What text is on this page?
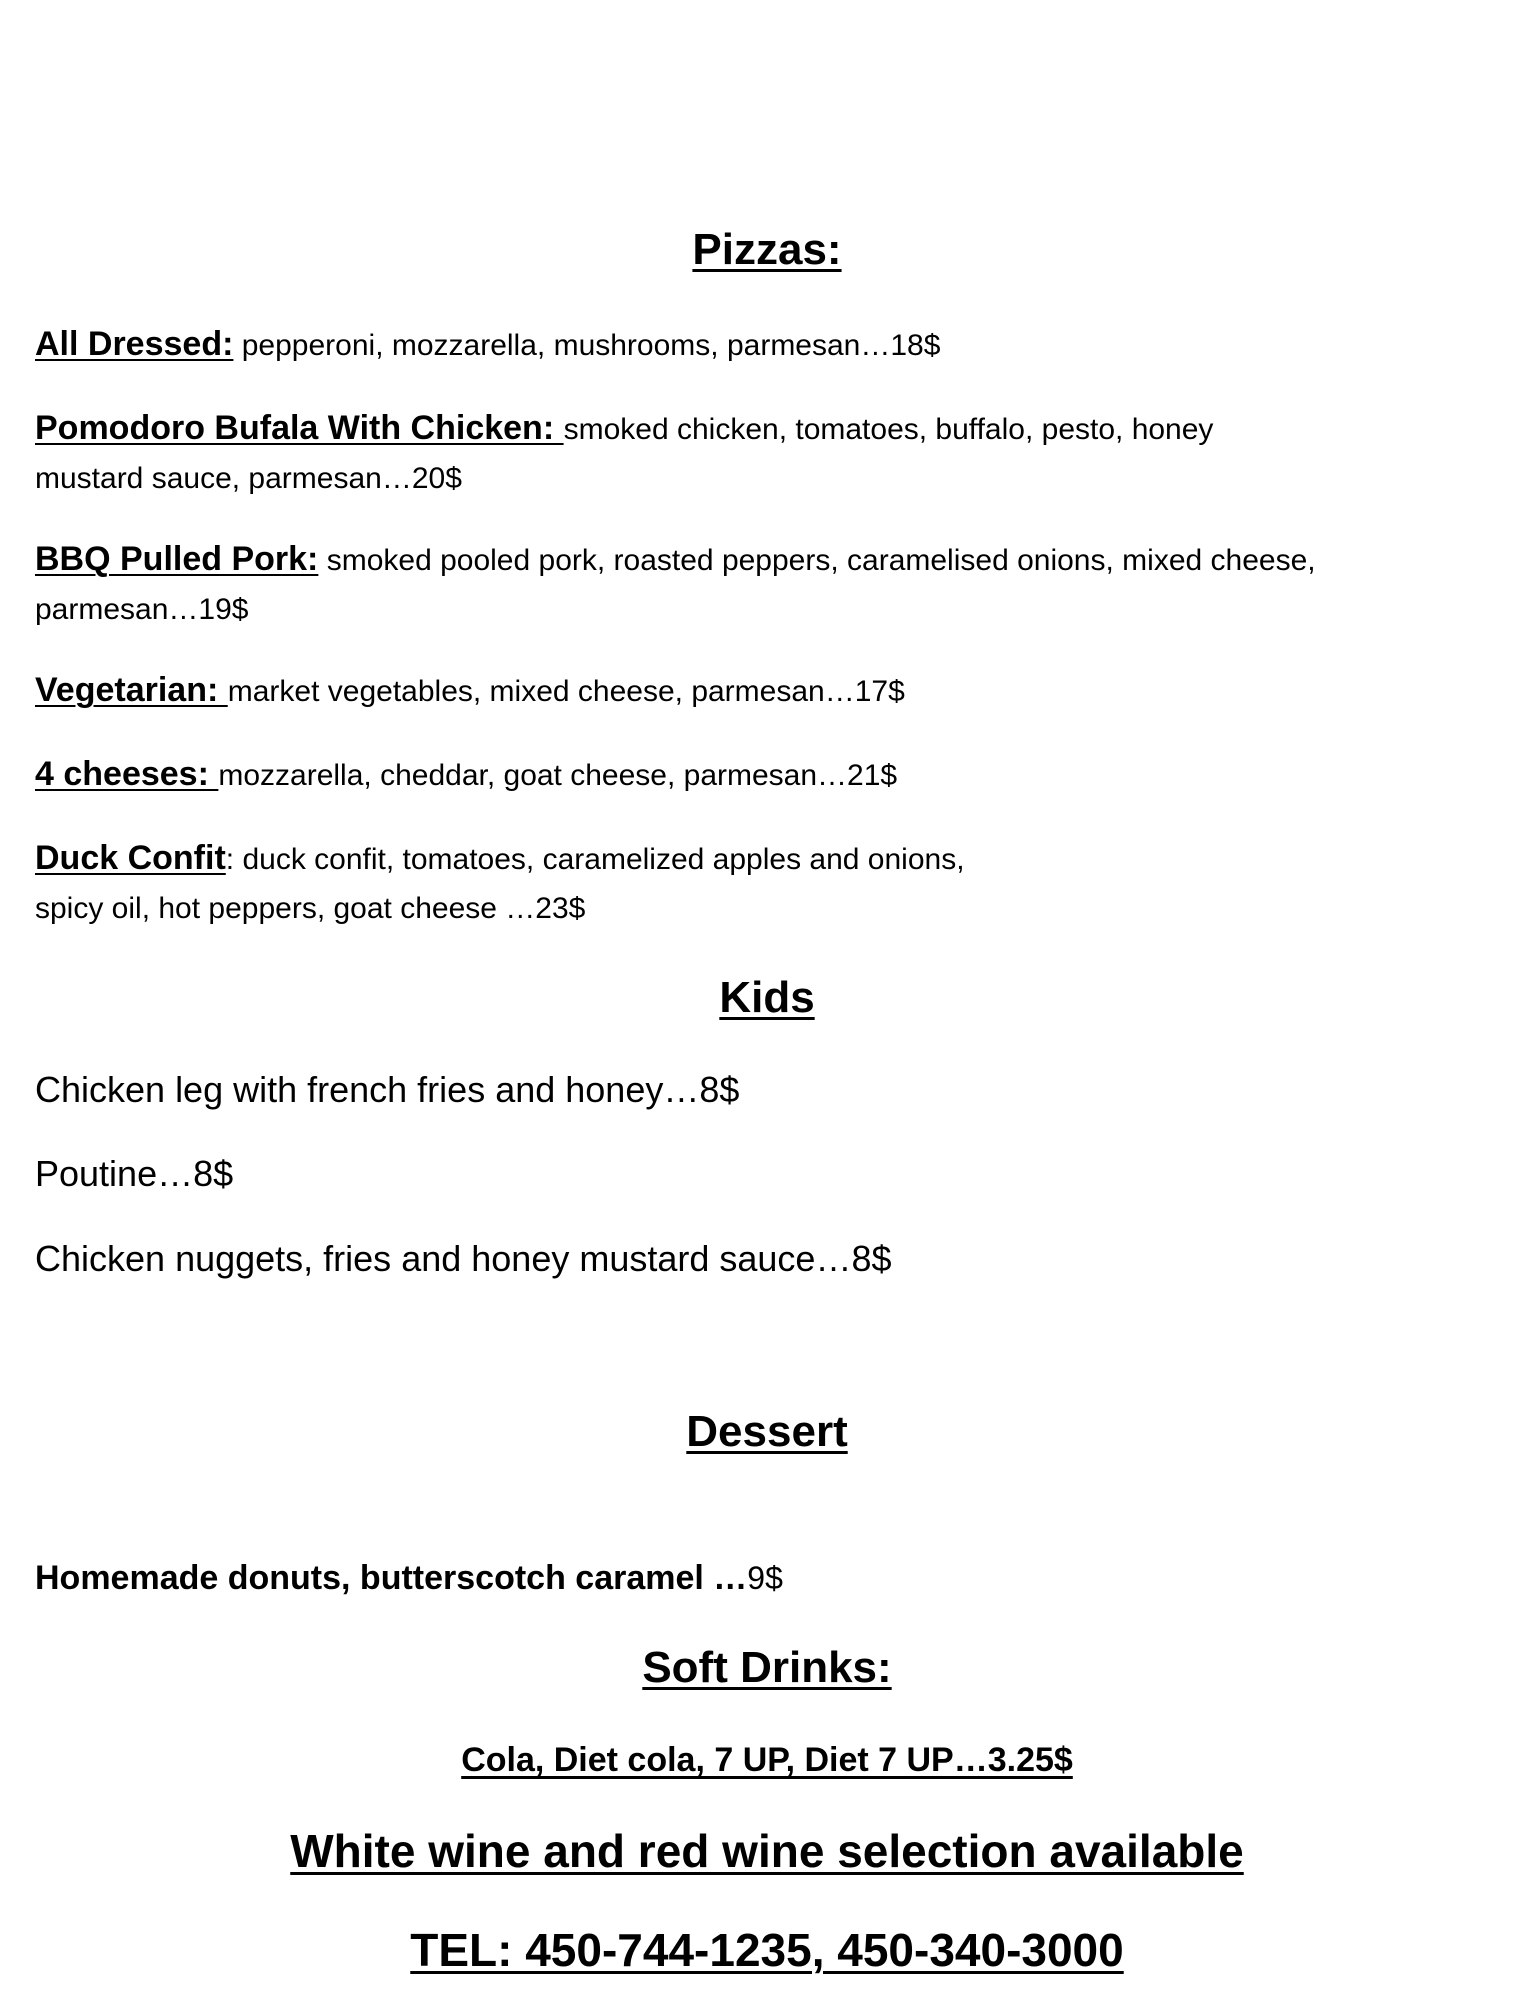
Pizzas:
All Dressed: pepperoni, mozzarella, mushrooms, parmesan…18$
Pomodoro Bufala With Chicken: smoked chicken, tomatoes, buffalo, pesto, honey
mustard sauce, parmesan…20$
BBQ Pulled Pork: smoked pooled pork, roasted peppers, caramelised onions, mixed cheese,
parmesan…19$
Vegetarian: market vegetables, mixed cheese, parmesan…17$
4 cheeses: mozzarella, cheddar, goat cheese, parmesan…21$
Duck Confit: duck confit, tomatoes, caramelized apples and onions,
spicy oil, hot peppers, goat cheese …23$
Kids
Chicken leg with french fries and honey…8$
Poutine…8$
Chicken nuggets, fries and honey mustard sauce…8$
Dessert
Homemade donuts, butterscotch caramel …9$
Soft Drinks:
Cola, Diet cola, 7 UP, Diet 7 UP…3.25$
White wine and red wine selection available
TEL: 450-744-1235, 450-340-3000
